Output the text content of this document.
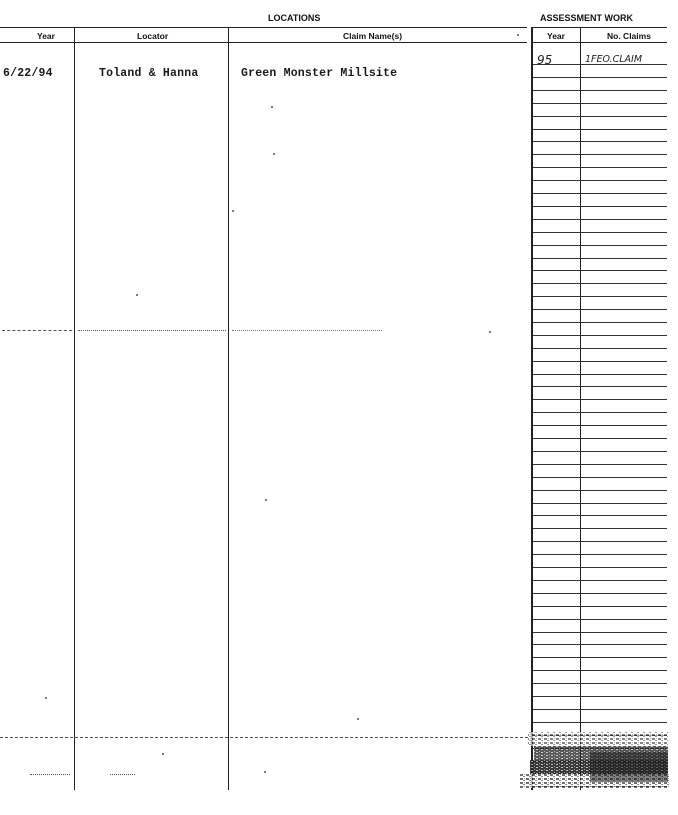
LOCATIONS	ASSESSMENT WORK
Year	Locator	Claim Name(s)	Year	No. Claims
6/22/94	Toland & Hanna	Green Monster Millsite
95	1FEO.CLAIM
